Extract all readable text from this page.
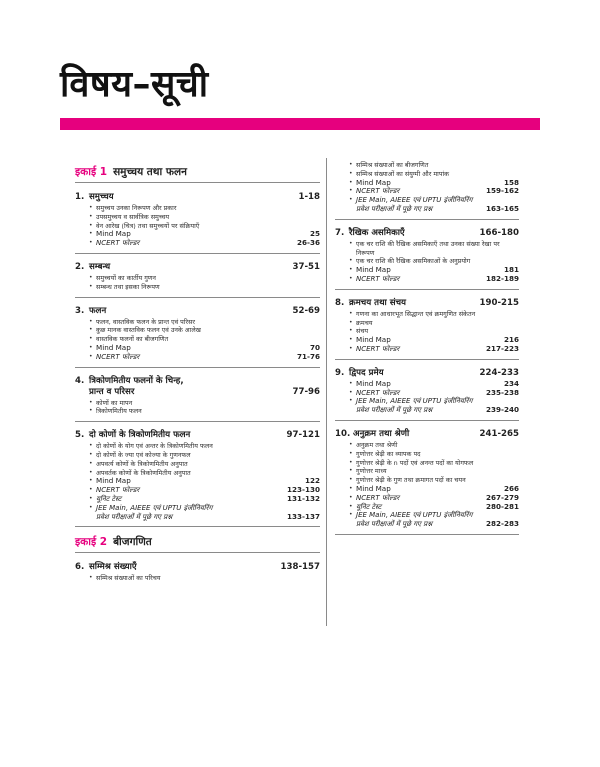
विषय–सूची
इकाई 1 समुच्चय तथा फलन
1. समुच्चय	1-18
• समुच्चय उनका निरूपण और प्रकार
• उपसमुच्चय व सार्वत्रिक समुच्चय
• वेन आरेख (चित्र) तथा समुच्चयों पर संक्रियाएँ
• Mind Map	25
• NCERT फोल्डर	26-36
2. सम्बन्ध	37-51
• समुच्चयों का कार्तीय गुणन
• सम्बन्ध तथा इसका निरूपण
3. फलन	52-69
• फलन, वास्तविक फलन के प्रान्त एवं परिसर
• कुछ मानक वास्तविक फलन एवं उनके आलेख
• वास्तविक फलनों का बीजगणित
• Mind Map	70
• NCERT फोल्डर	71-76
4. त्रिकोणमितीय फलनों के चिन्ह,
प्रान्त व परिसर	77-96
• कोणों का मापन
• त्रिकोणमितीय फलन
5. दो कोणों के त्रिकोणमितीय फलन	97-121
• दो कोणों के योग एवं अन्तर के त्रिकोणमितीय फलन
• दो कोणों के ज्या एवं कोज्या के गुणनफल
• अपवर्त्य कोणों के त्रिकोणमितीय अनुपात
• अपवर्तक कोणों के त्रिकोणमितीय अनुपात
• Mind Map	122
• NCERT फोल्डर	123-130
• यूनिट टेस्ट	131-132
• JEE Main, AIEEE एवं UPTU इंजीनियरिंग
प्रवेश परीक्षाओं में पूछे गए प्रश्न	133-137
इकाई 2 बीजगणित
6. सम्मिश्र संख्याएँ	138-157
• सम्मिश्र संख्याओं का परिचय
• सम्मिश्र संख्याओं का बीजगणित
• सम्मिश्र संख्याओं का संयुग्मी और मापांक
• Mind Map	158
• NCERT फोल्डर	159-162
• JEE Main, AIEEE एवं UPTU इंजीनियरिंग
प्रवेश परीक्षाओं में पूछे गए प्रश्न	163-165
7. रैखिक असमिकाएँ	166-180
• एक चर राशि की रैखिक असमिकाएँ तथा उनका संख्या रेखा पर निरूपण
• एक चर राशि की रैखिक असमिकाओं के अनुप्रयोग
• Mind Map	181
• NCERT फोल्डर	182-189
8. क्रमचय तथा संचय	190-215
• गणना का आधारभूत सिद्धान्त एवं क्रमगुणित संकेतन
• क्रमचय
• संचय
• Mind Map	216
• NCERT फोल्डर	217-223
9. द्विपद प्रमेय	224-233
• Mind Map	234
• NCERT फोल्डर	235-238
• JEE Main, AIEEE एवं UPTU इंजीनियरिंग
प्रवेश परीक्षाओं में पूछे गए प्रश्न	239-240
10. अनुक्रम तथा श्रेणी	241-265
• अनुक्रम तथा श्रेणी
• गुणोत्तर श्रेढ़ी का व्यापक पद
• गुणोत्तर श्रेढ़ी के n पदों एवं अनन्त पदों का योगफल
• गुणोत्तर माध्य
• गुणोत्तर श्रेढ़ी के गुण तथा क्रमागत पदों का चयन
• Mind Map	266
• NCERT फोल्डर	267-279
• यूनिट टेस्ट	280-281
• JEE Main, AIEEE एवं UPTU इंजीनियरिंग
प्रवेश परीक्षाओं में पूछे गए प्रश्न	282-283
